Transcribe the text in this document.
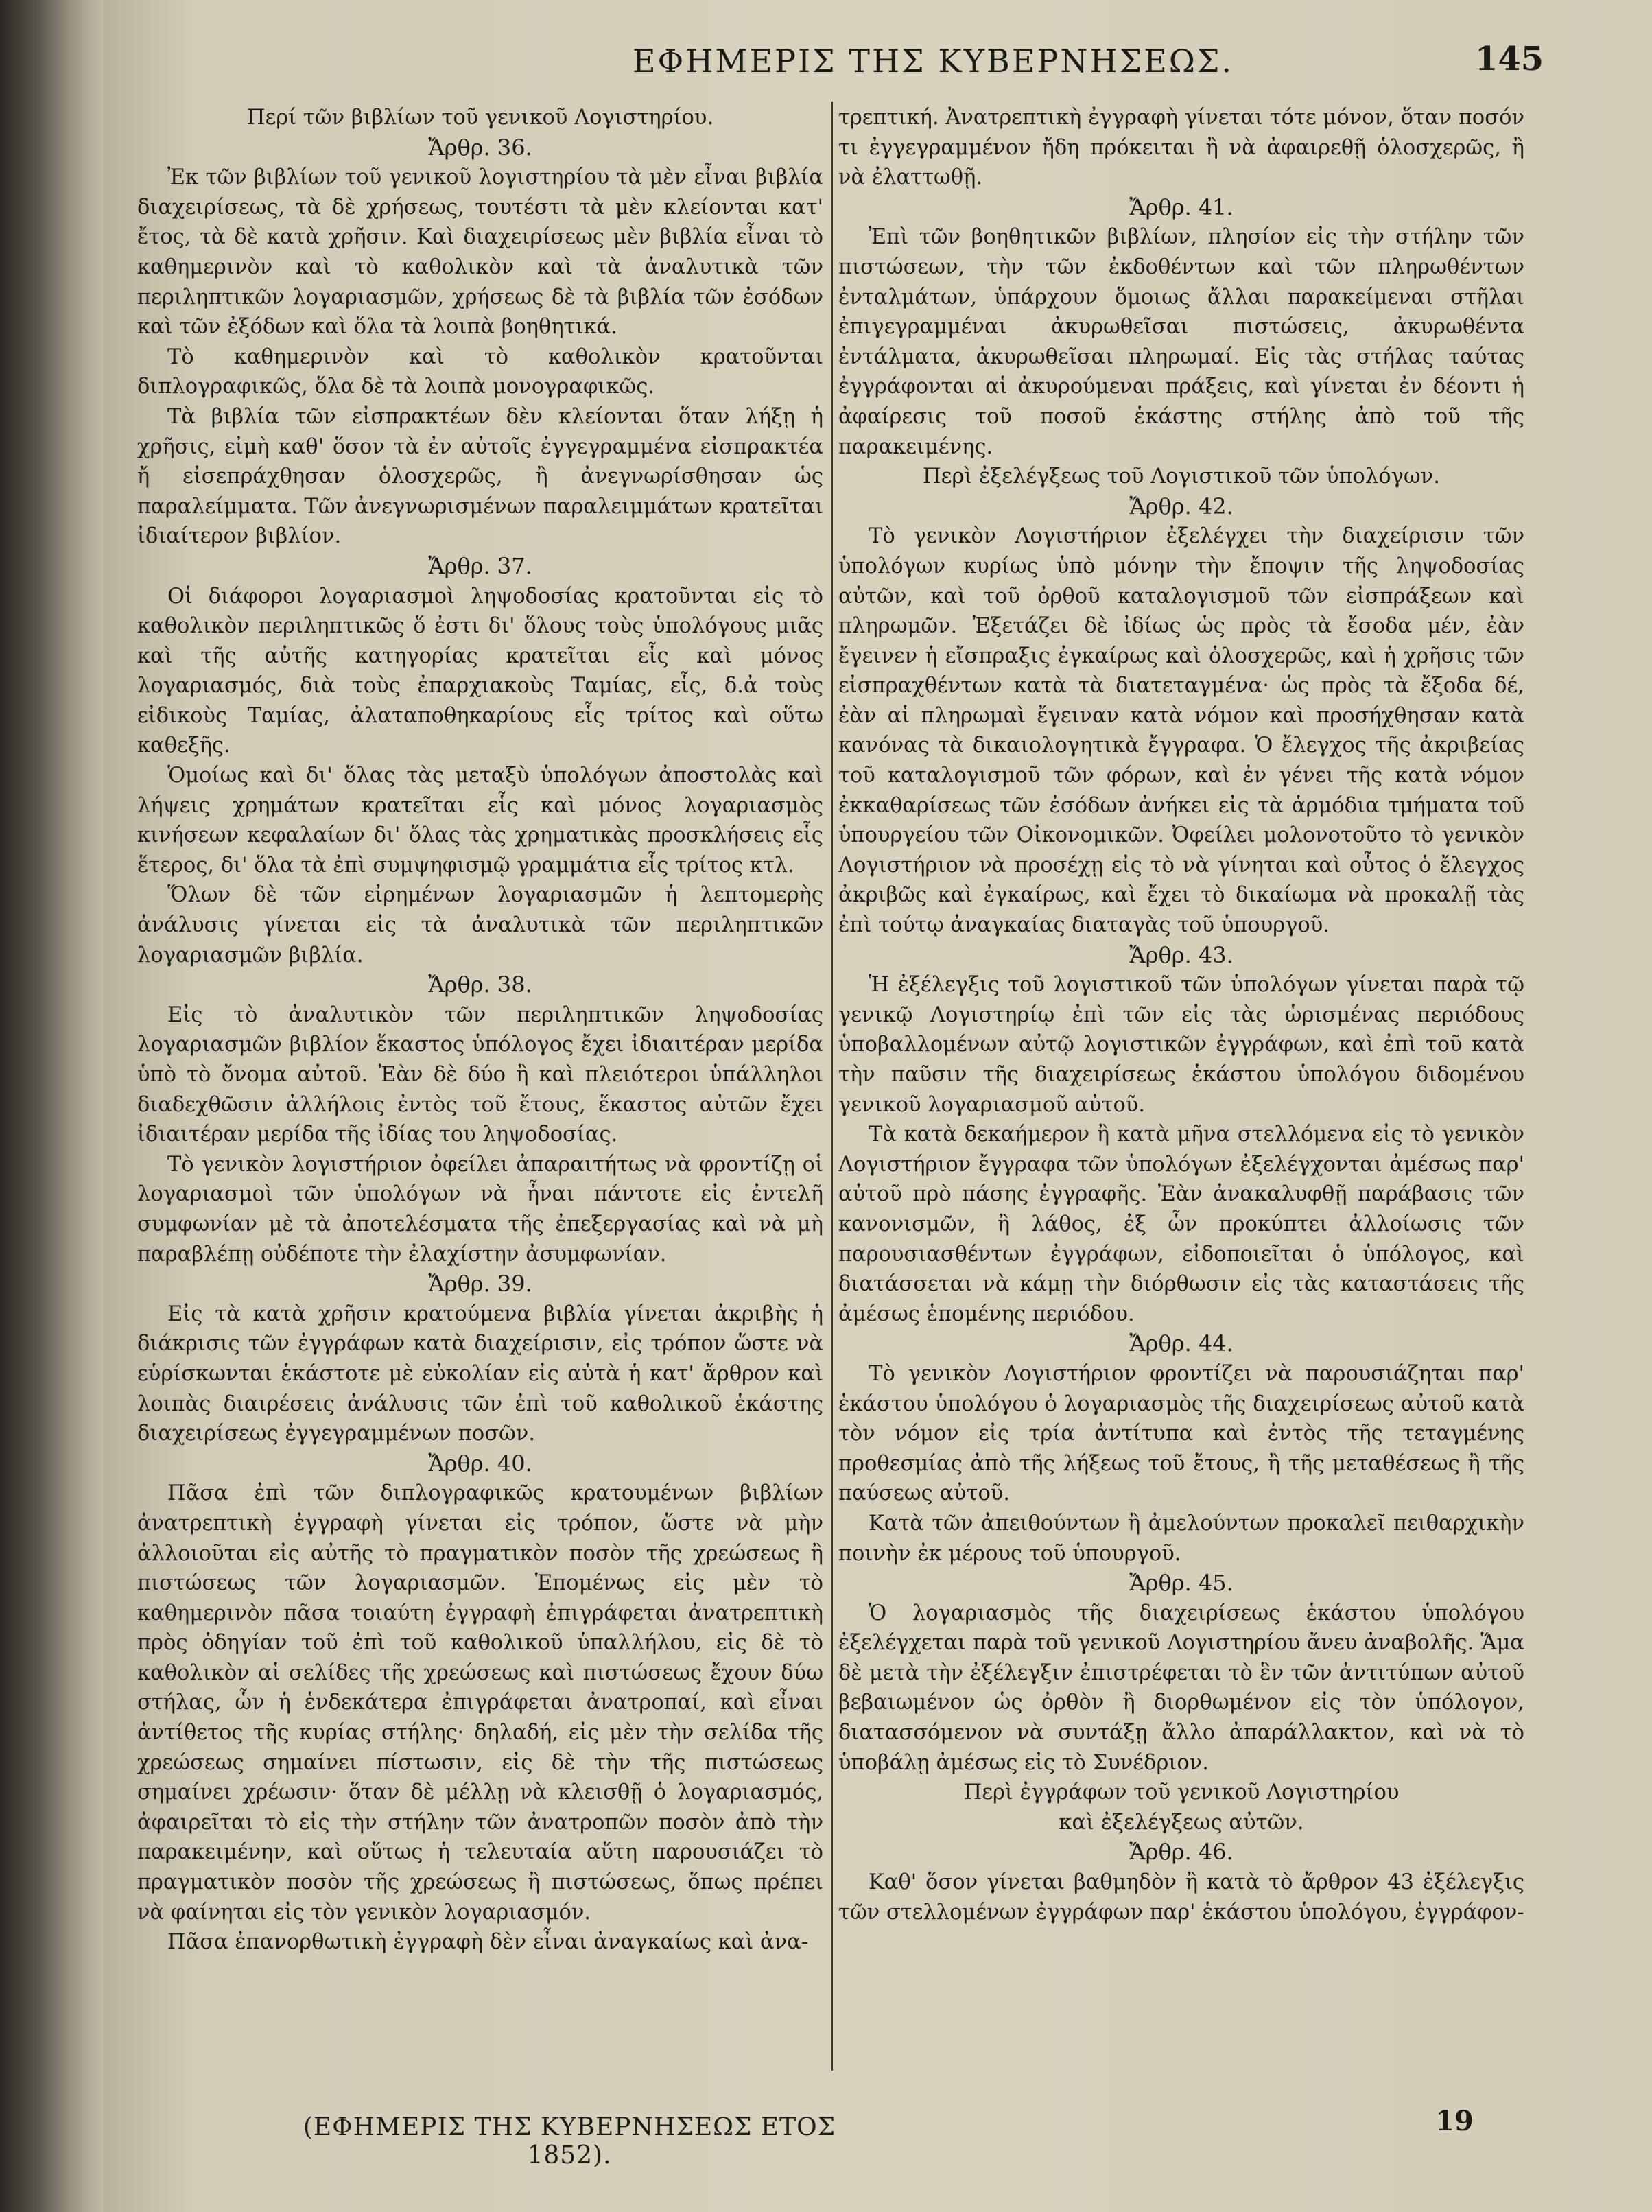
ΕΦΗΜΕΡΙΣ ΤΗΣ ΚΥΒΕΡΝΗΣΕΩΣ.	145
Περί τῶν βιβλίων τοῦ γενικοῦ Λογιστηρίου.
Ἄρθρ. 36.

Ἐκ τῶν βιβλίων τοῦ γενικοῦ λογιστηρίου τὰ μὲν εἶναι βιβλία διαχειρίσεως, τὰ δὲ χρήσεως, τουτέστι τὰ μὲν κλείονται κατ' ἔτος, τὰ δὲ κατὰ χρῆσιν. Καὶ διαχειρίσεως μὲν βιβλία εἶναι τὸ καθημερινὸν καὶ τὸ καθολικὸν καὶ τὰ ἀναλυτικὰ τῶν περιληπτικῶν λογαριασμῶν, χρήσεως δὲ τὰ βιβλία τῶν ἐσόδων καὶ τῶν ἐξόδων καὶ ὅλα τὰ λοιπὰ βοηθητικά.

Τὸ καθημερινὸν καὶ τὸ καθολικὸν κρατοῦνται διπλογραφικῶς, ὅλα δὲ τὰ λοιπὰ μονογραφικῶς.

Τὰ βιβλία τῶν εἰσπρακτέων δὲν κλείονται ὅταν λήξῃ ἡ χρῆσις, εἰμὴ καθ' ὅσον τὰ ἐν αὐτοῖς ἐγγεγραμμένα εἰσπρακτέα ἤ εἰσεπράχθησαν ὁλοσχερῶς, ἢ ἀνεγνωρίσθησαν ὡς παραλείμματα. Τῶν ἀνεγνωρισμένων παραλειμμάτων κρατεῖται ἰδιαίτερον βιβλίον.

Ἄρθρ. 37.

Οἱ διάφοροι λογαριασμοὶ ληψοδοσίας κρατοῦνται εἰς τὸ καθολικὸν περιληπτικῶς ὅ ἐστι δι' ὅλους τοὺς ὑπολόγους μιᾶς καὶ τῆς αὐτῆς κατηγορίας κρατεῖται εἷς καὶ μόνος λογαριασμός, διὰ τοὺς ἐπαρχιακοὺς Ταμίας, εἷς, δ.ἀ τοὺς εἰδικοὺς Ταμίας, ἀλαταποθηκαρίους εἷς τρίτος καὶ οὕτω καθεξῆς.

Ὁμοίως καὶ δι' ὅλας τὰς μεταξὺ ὑπολόγων ἀποστολὰς καὶ λήψεις χρημάτων κρατεῖται εἷς καὶ μόνος λογαριασμὸς κινήσεων κεφαλαίων δι' ὅλας τὰς χρηματικὰς προσκλήσεις εἷς ἕτερος, δι' ὅλα τὰ ἐπὶ συμψηφισμῷ γραμμάτια εἷς τρίτος κτλ.

Ὅλων δὲ τῶν εἰρημένων λογαριασμῶν ἡ λεπτομερὴς ἀνάλυσις γίνεται εἰς τὰ ἀναλυτικὰ τῶν περιληπτικῶν λογαριασμῶν βιβλία.

Ἄρθρ. 38.

Εἰς τὸ ἀναλυτικὸν τῶν περιληπτικῶν ληψοδοσίας λογαριασμῶν βιβλίον ἕκαστος ὑπόλογος ἔχει ἰδιαιτέραν μερίδα ὑπὸ τὸ ὄνομα αὐτοῦ. Ἐὰν δὲ δύο ἢ καὶ πλειότεροι ὑπάλληλοι διαδεχθῶσιν ἀλλήλοις ἐντὸς τοῦ ἔτους, ἕκαστος αὐτῶν ἔχει ἰδιαιτέραν μερίδα τῆς ἰδίας του ληψοδοσίας.

Τὸ γενικὸν λογιστήριον ὀφείλει ἀπαραιτήτως νὰ φροντίζῃ οἱ λογαριασμοὶ τῶν ὑπολόγων νὰ ἦναι πάντοτε εἰς ἐντελῆ συμφωνίαν μὲ τὰ ἀποτελέσματα τῆς ἐπεξεργασίας καὶ νὰ μὴ παραβλέπῃ οὐδέποτε τὴν ἐλαχίστην ἀσυμφωνίαν.

Ἄρθρ. 39.

Εἰς τὰ κατὰ χρῆσιν κρατούμενα βιβλία γίνεται ἀκριβὴς ἡ διάκρισις τῶν ἐγγράφων κατὰ διαχείρισιν, εἰς τρόπον ὥστε νὰ εὑρίσκωνται ἑκάστοτε μὲ εὐκολίαν εἰς αὐτὰ ἡ κατ' ἄρθρον καὶ λοιπὰς διαιρέσεις ἀνάλυσις τῶν ἐπὶ τοῦ καθολικοῦ ἑκάστης διαχειρίσεως ἐγγεγραμμένων ποσῶν.

Ἄρθρ. 40.

Πᾶσα ἐπὶ τῶν διπλογραφικῶς κρατουμένων βιβλίων ἀνατρεπτικὴ ἐγγραφὴ γίνεται εἰς τρόπον, ὥστε νὰ μὴν ἀλλοιοῦται εἰς αὐτῆς τὸ πραγματικὸν ποσὸν τῆς χρεώσεως ἢ πιστώσεως τῶν λογαριασμῶν. Ἑπομένως εἰς μὲν τὸ καθημερινὸν πᾶσα τοιαύτη ἐγγραφὴ ἐπιγράφεται ἀνατρεπτικὴ πρὸς ὁδηγίαν τοῦ ἐπὶ τοῦ καθολικοῦ ὑπαλλήλου, εἰς δὲ τὸ καθολικὸν αἱ σελίδες τῆς χρεώσεως καὶ πιστώσεως ἔχουν δύω στήλας, ὧν ἡ ἑνδεκάτερα ἐπιγράφεται ἀνατροπαί, καὶ εἶναι ἀντίθετος τῆς κυρίας στήλης· δηλαδή, εἰς μὲν τὴν σελίδα τῆς χρεώσεως σημαίνει πίστωσιν, εἰς δὲ τὴν τῆς πιστώσεως σημαίνει χρέωσιν· ὅταν δὲ μέλλῃ νὰ κλεισθῇ ὁ λογαριασμός, ἀφαιρεῖται τὸ εἰς τὴν στήλην τῶν ἀνατροπῶν ποσὸν ἀπὸ τὴν παρακειμένην, καὶ οὕτως ἡ τελευταία αὕτη παρουσιάζει τὸ πραγματικὸν ποσὸν τῆς χρεώσεως ἢ πιστώσεως, ὅπως πρέπει νὰ φαίνηται εἰς τὸν γενικὸν λογαριασμόν.

Πᾶσα ἐπανορθωτικὴ ἐγγραφὴ δὲν εἶναι ἀναγκαίως καὶ ἀνα-

τρεπτική. Ἀνατρεπτικὴ ἐγγραφὴ γίνεται τότε μόνον, ὅταν ποσόν τι ἐγγεγραμμένον ἤδη πρόκειται ἢ νὰ ἀφαιρεθῇ ὁλοσχερῶς, ἢ νὰ ἐλαττωθῇ.

Ἄρθρ. 41.

Ἐπὶ τῶν βοηθητικῶν βιβλίων, πλησίον εἰς τὴν στήλην τῶν πιστώσεων, τὴν τῶν ἐκδοθέντων καὶ τῶν πληρωθέντων ἐνταλμάτων, ὑπάρχουν ὅμοιως ἄλλαι παρακείμεναι στῆλαι ἐπιγεγραμμέναι ἀκυρωθεῖσαι πιστώσεις, ἀκυρωθέντα ἐντάλματα, ἀκυρωθεῖσαι πληρωμαί. Εἰς τὰς στήλας ταύτας ἐγγράφονται αἱ ἀκυρούμεναι πράξεις, καὶ γίνεται ἐν δέοντι ἡ ἀφαίρεσις τοῦ ποσοῦ ἑκάστης στήλης ἀπὸ τοῦ τῆς παρακειμένης.

Περὶ ἐξελέγξεως τοῦ Λογιστικοῦ τῶν ὑπολόγων.
Ἄρθρ. 42.

Τὸ γενικὸν Λογιστήριον ἐξελέγχει τὴν διαχείρισιν τῶν ὑπολόγων κυρίως ὑπὸ μόνην τὴν ἔποψιν τῆς ληψοδοσίας αὐτῶν, καὶ τοῦ ὀρθοῦ καταλογισμοῦ τῶν εἰσπράξεων καὶ πληρωμῶν. Ἐξετάζει δὲ ἰδίως ὡς πρὸς τὰ ἔσοδα μέν, ἐὰν ἔγεινεν ἡ εἴσπραξις ἐγκαίρως καὶ ὁλοσχερῶς, καὶ ἡ χρῆσις τῶν εἰσπραχθέντων κατὰ τὰ διατεταγμένα· ὡς πρὸς τὰ ἔξοδα δέ, ἐὰν αἱ πληρωμαὶ ἔγειναν κατὰ νόμον καὶ προσήχθησαν κατὰ κανόνας τὰ δικαιολογητικὰ ἔγγραφα. Ὁ ἔλεγχος τῆς ἀκριβείας τοῦ καταλογισμοῦ τῶν φόρων, καὶ ἐν γένει τῆς κατὰ νόμον ἐκκαθαρίσεως τῶν ἐσόδων ἀνήκει εἰς τὰ ἁρμόδια τμήματα τοῦ ὑπουργείου τῶν Οἰκονομικῶν. Ὀφείλει μολονοτοῦτο τὸ γενικὸν Λογιστήριον νὰ προσέχῃ εἰς τὸ νὰ γίνηται καὶ οὗτος ὁ ἔλεγχος ἀκριβῶς καὶ ἐγκαίρως, καὶ ἔχει τὸ δικαίωμα νὰ προκαλῇ τὰς ἐπὶ τούτῳ ἀναγκαίας διαταγὰς τοῦ ὑπουργοῦ.

Ἄρθρ. 43.

Ἡ ἐξέλεγξις τοῦ λογιστικοῦ τῶν ὑπολόγων γίνεται παρὰ τῷ γενικῷ Λογιστηρίῳ ἐπὶ τῶν εἰς τὰς ὡρισμένας περιόδους ὑποβαλλομένων αὐτῷ λογιστικῶν ἐγγράφων, καὶ ἐπὶ τοῦ κατὰ τὴν παῦσιν τῆς διαχειρίσεως ἑκάστου ὑπολόγου διδομένου γενικοῦ λογαριασμοῦ αὐτοῦ.

Τὰ κατὰ δεκαήμερον ἢ κατὰ μῆνα στελλόμενα εἰς τὸ γενικὸν Λογιστήριον ἔγγραφα τῶν ὑπολόγων ἐξελέγχονται ἀμέσως παρ' αὐτοῦ πρὸ πάσης ἐγγραφῆς. Ἐὰν ἀνακαλυφθῇ παράβασις τῶν κανονισμῶν, ἢ λάθος, ἐξ ὧν προκύπτει ἀλλοίωσις τῶν παρουσιασθέντων ἐγγράφων, εἰδοποιεῖται ὁ ὑπόλογος, καὶ διατάσσεται νὰ κάμῃ τὴν διόρθωσιν εἰς τὰς καταστάσεις τῆς ἀμέσως ἑπομένης περιόδου.

Ἄρθρ. 44.

Τὸ γενικὸν Λογιστήριον φροντίζει νὰ παρουσιάζηται παρ' ἑκάστου ὑπολόγου ὁ λογαριασμὸς τῆς διαχειρίσεως αὐτοῦ κατὰ τὸν νόμον εἰς τρία ἀντίτυπα καὶ ἐντὸς τῆς τεταγμένης προθεσμίας ἀπὸ τῆς λήξεως τοῦ ἔτους, ἢ τῆς μεταθέσεως ἢ τῆς παύσεως αὐτοῦ.

Κατὰ τῶν ἀπειθούντων ἢ ἀμελούντων προκαλεῖ πειθαρχικὴν ποινὴν ἐκ μέρους τοῦ ὑπουργοῦ.

Ἄρθρ. 45.

Ὁ λογαριασμὸς τῆς διαχειρίσεως ἑκάστου ὑπολόγου ἐξελέγχεται παρὰ τοῦ γενικοῦ Λογιστηρίου ἄνευ ἀναβολῆς. Ἅμα δὲ μετὰ τὴν ἐξέλεγξιν ἐπιστρέφεται τὸ ἓν τῶν ἀντιτύπων αὐτοῦ βεβαιωμένον ὡς ὀρθὸν ἢ διορθωμένον εἰς τὸν ὑπόλογον, διατασσόμενον νὰ συντάξῃ ἄλλο ἀπαράλλακτον, καὶ νὰ τὸ ὑποβάλῃ ἀμέσως εἰς τὸ Συνέδριον.

Περὶ ἐγγράφων τοῦ γενικοῦ Λογιστηρίου
καὶ ἐξελέγξεως αὐτῶν.
Ἄρθρ. 46.

Καθ' ὅσον γίνεται βαθμηδὸν ἢ κατὰ τὸ ἄρθρον 43 ἐξέλεγξις τῶν στελλομένων ἐγγράφων παρ' ἑκάστου ὑπολόγου, ἐγγράφον-

(ΕΦΗΜΕΡΙΣ ΤΗΣ ΚΥΒΕΡΝΗΣΕΩΣ ΕΤΟΣ 1852).
19
